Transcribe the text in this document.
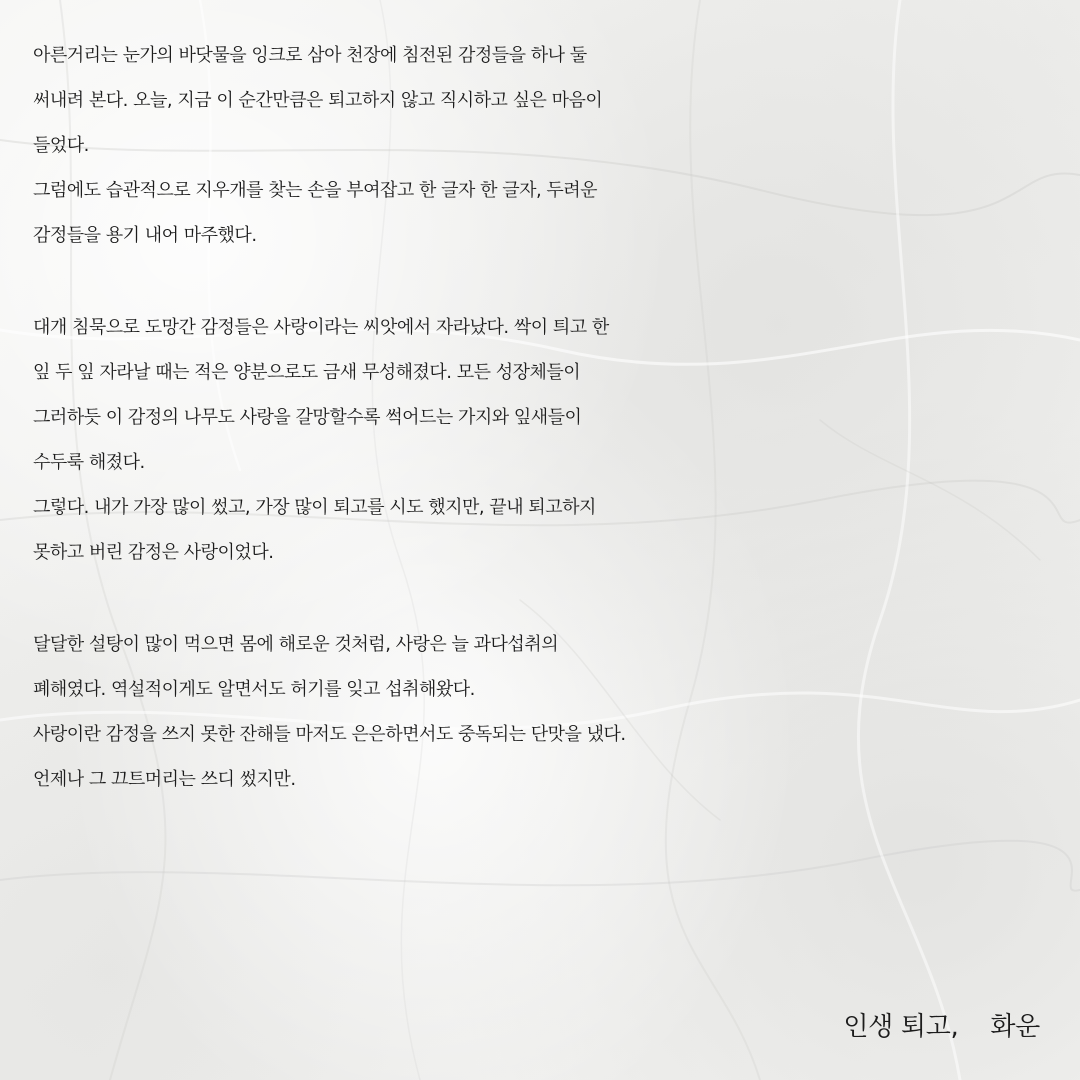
아른거리는 눈가의 바닷물을 잉크로 삼아 천장에 침전된 감정들을 하나 둘
써내려 본다. 오늘, 지금 이 순간만큼은 퇴고하지 않고 직시하고 싶은 마음이
들었다.
그럼에도 습관적으로 지우개를 찾는 손을 부여잡고 한 글자 한 글자, 두려운
감정들을 용기 내어 마주했다.
대개 침묵으로 도망간 감정들은 사랑이라는 씨앗에서 자라났다. 싹이 틔고 한
잎 두 잎 자라날 때는 적은 양분으로도 금새 무성해졌다. 모든 성장체들이
그러하듯 이 감정의 나무도 사랑을 갈망할수록 썩어드는 가지와 잎새들이
수두룩 해졌다.
그렇다. 내가 가장 많이 썼고, 가장 많이 퇴고를 시도 했지만, 끝내 퇴고하지
못하고 버린 감정은 사랑이었다.
달달한 설탕이 많이 먹으면 몸에 해로운 것처럼, 사랑은 늘 과다섭취의
폐해였다. 역설적이게도 알면서도 허기를 잊고 섭취해왔다.
사랑이란 감정을 쓰지 못한 잔해들 마저도 은은하면서도 중독되는 단맛을 냈다.
언제나 그 끄트머리는 쓰디 썼지만.
인생 퇴고,    화운
